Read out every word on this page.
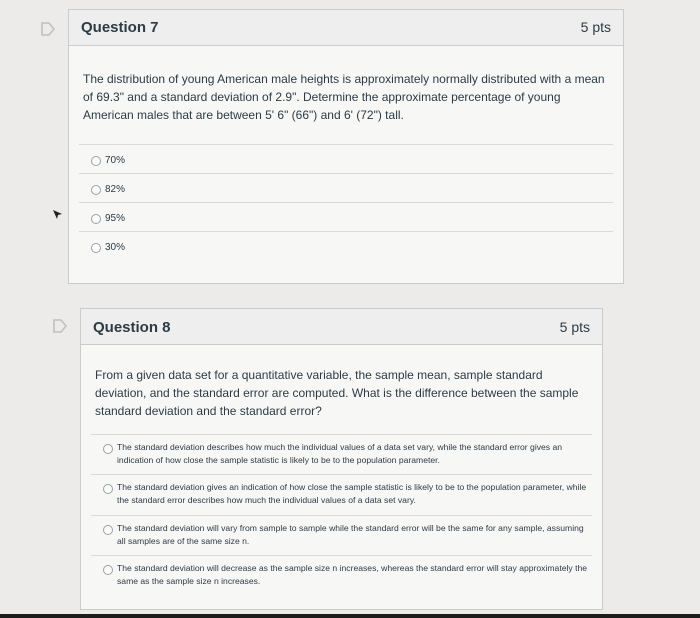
Question 7	5 pts
The distribution of young American male heights is approximately normally distributed with a mean of 69.3" and a standard deviation of 2.9". Determine the approximate percentage of young American males that are between 5' 6" (66") and 6' (72") tall.
70%
82%
95%
30%
Question 8	5 pts
From a given data set for a quantitative variable, the sample mean, sample standard deviation, and the standard error are computed. What is the difference between the sample standard deviation and the standard error?
The standard deviation describes how much the individual values of a data set vary, while the standard error gives an indication of how close the sample statistic is likely to be to the population parameter.
The standard deviation gives an indication of how close the sample statistic is likely to be to the population parameter, while the standard error describes how much the individual values of a data set vary.
The standard deviation will vary from sample to sample while the standard error will be the same for any sample, assuming all samples are of the same size n.
The standard deviation will decrease as the sample size n increases, whereas the standard error will stay approximately the same as the sample size n increases.
